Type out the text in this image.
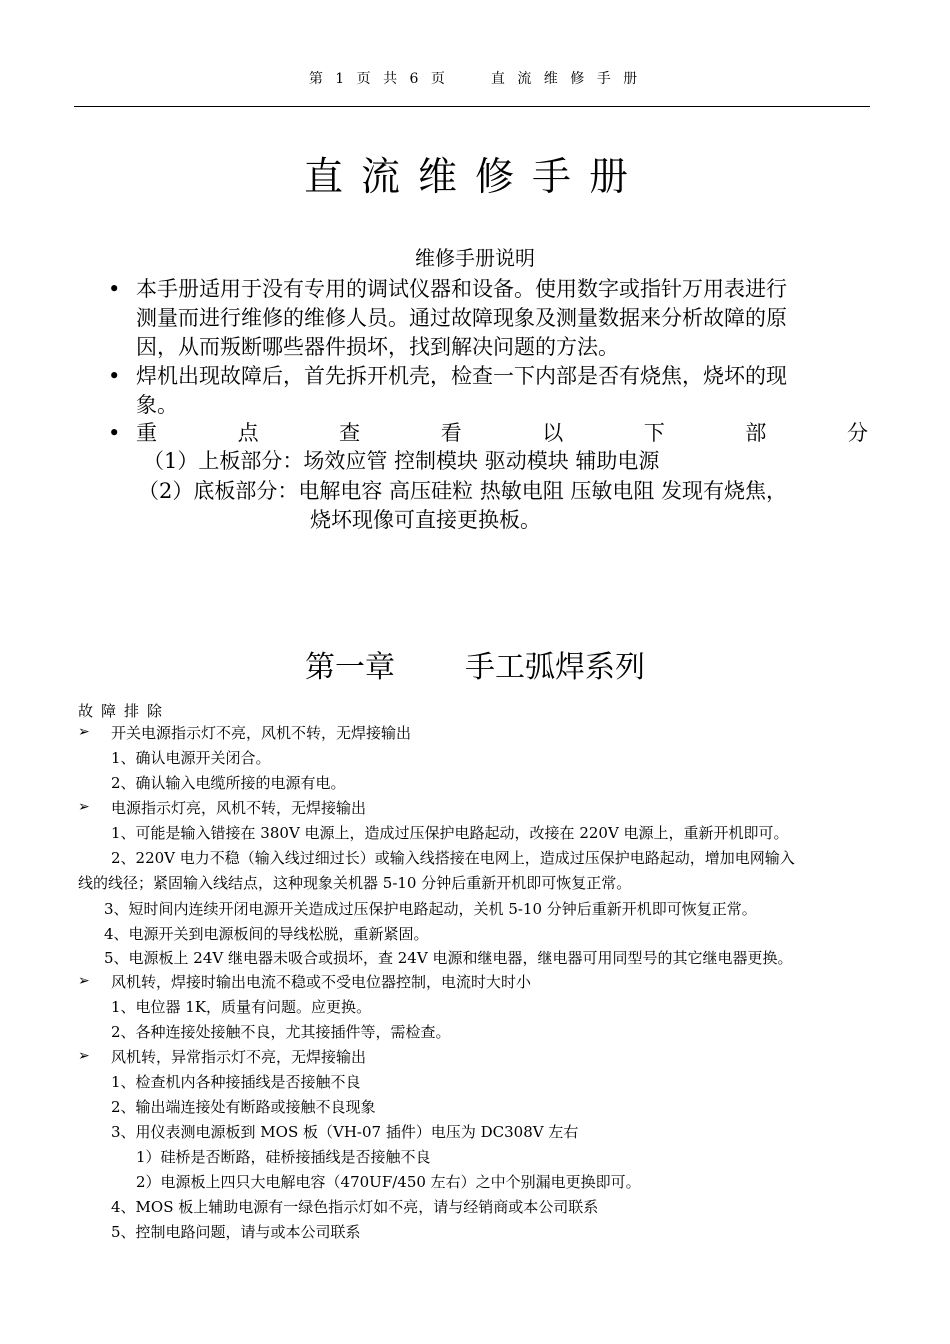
第 1 页 共 6 页	直 流 维 修 手 册
直流维修手册
维修手册说明
• 本手册适用于没有专用的调试仪器和设备。使用数字或指针万用表进行
测量而进行维修的维修人员。通过故障现象及测量数据来分析故障的原
因，从而叛断哪些器件损坏，找到解决问题的方法。
• 焊机出现故障后，首先拆开机壳，检查一下内部是否有烧焦，烧坏的现
象。
• 重	点	查	看	以	下	部	分
（1）上板部分：场效应管 控制模块 驱动模块 辅助电源
（2）底板部分：电解电容 高压硅粒 热敏电阻 压敏电阻 发现有烧焦，
烧坏现像可直接更换板。
第一章 手工弧焊系列
故障排除
➢ 开关电源指示灯不亮，风机不转，无焊接输出
1、确认电源开关闭合。
2、确认输入电缆所接的电源有电。
➢ 电源指示灯亮，风机不转，无焊接输出
1、可能是输入错接在 380V 电源上，造成过压保护电路起动，改接在 220V 电源上，重新开机即可。
2、220V 电力不稳（输入线过细过长）或输入线搭接在电网上，造成过压保护电路起动，增加电网输入
线的线径；紧固输入线结点，这种现象关机器 5-10 分钟后重新开机即可恢复正常。
3、短时间内连续开闭电源开关造成过压保护电路起动，关机 5-10 分钟后重新开机即可恢复正常。
4、电源开关到电源板间的导线松脱，重新紧固。
5、电源板上 24V 继电器未吸合或损坏，查 24V 电源和继电器，继电器可用同型号的其它继电器更换。
➢ 风机转，焊接时输出电流不稳或不受电位器控制，电流时大时小
1、电位器 1K，质量有问题。应更换。
2、各种连接处接触不良，尤其接插件等，需检查。
➢ 风机转，异常指示灯不亮，无焊接输出
1、检查机内各种接插线是否接触不良
2、输出端连接处有断路或接触不良现象
3、用仪表测电源板到 MOS 板（VH-07 插件）电压为 DC308V 左右
1）硅桥是否断路，硅桥接插线是否接触不良
2）电源板上四只大电解电容（470UF/450 左右）之中个别漏电更换即可。
4、MOS 板上辅助电源有一绿色指示灯如不亮，请与经销商或本公司联系
5、控制电路问题，请与或本公司联系
